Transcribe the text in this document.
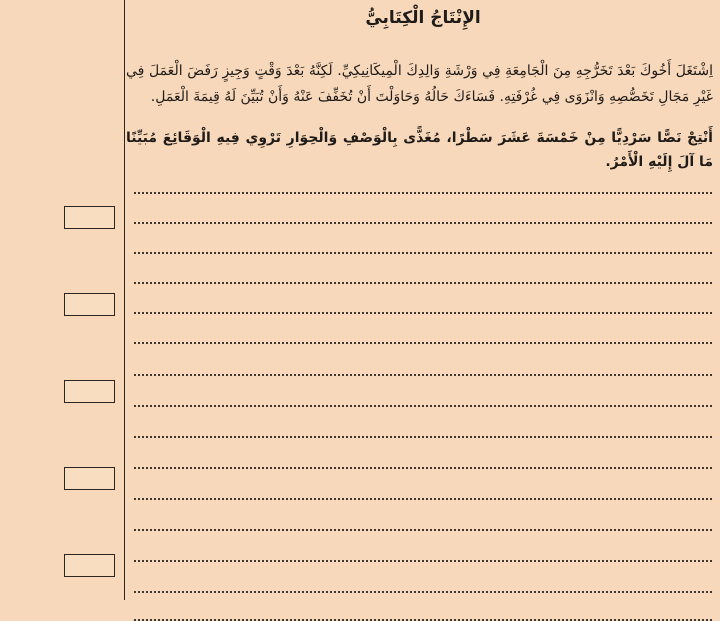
الإِنْتَاجُ الْكِتَابِيُّ

اِشْتَغَلَ أَخُوكَ بَعْدَ تَخَرُّجِهِ مِنَ الْجَامِعَةِ فِي وَرْشَةِ وَالِدِكَ الْمِيكَانِيكِيِّ. لَكِنَّهُ بَعْدَ وَقْتٍ وَجِيزٍ رَفَضَ الْعَمَلَ فِي غَيْرِ مَجَالِ تَخَصُّصِهِ وَانْزَوَى فِي غُرْفَتِهِ. فَسَاءَكَ حَالُهُ وَحَاوَلْتَ أَنْ تُخَفِّفَ عَنْهُ وَأَنْ تُبَيِّنَ لَهُ قِيمَةَ الْعَمَلِ.

أَنْتِجْ نَصًّا سَرْدِيًّا مِنْ خَمْسَةَ عَشَرَ سَطْرًا، مُغَذًّى بِالْوَصْفِ وَالْحِوَارِ تَرْوِي فِيهِ الْوَقَائِعَ مُبَيِّنًا مَا آلَ إِلَيْهِ الْأَمْرُ.
